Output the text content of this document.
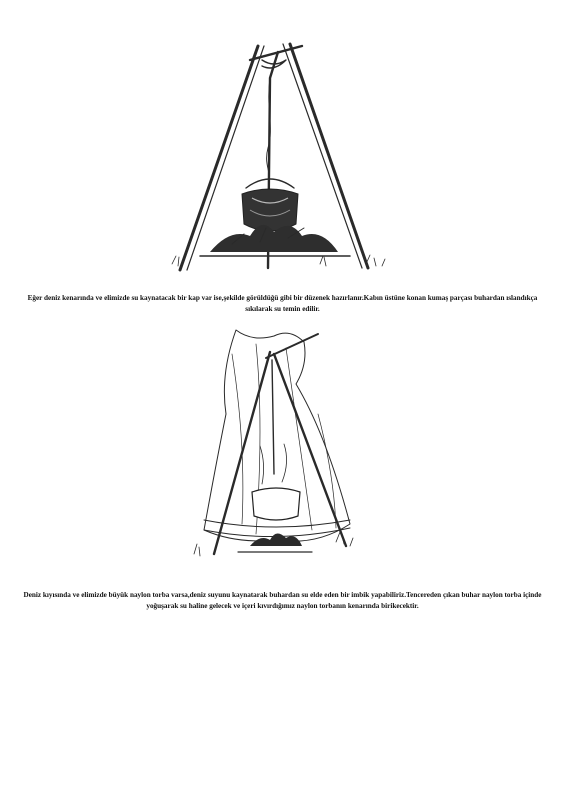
Eğer deniz kenarında ve elimizde su kaynatacak bir kap var ise,şekilde görüldüğü gibi bir düzenek hazırlanır.Kabın üstüne konan kumaş parçası buhardan ıslandıkça sıkılarak su temin edilir.
Deniz kıyısında ve elimizde büyük naylon torba varsa,deniz suyunu kaynatarak buhardan su elde eden bir imbik yapabiliriz.Tencereden çıkan buhar naylon torba içinde yoğuşarak su haline gelecek ve içeri kıvırdığımız naylon torbanın kenarında birikecektir.
